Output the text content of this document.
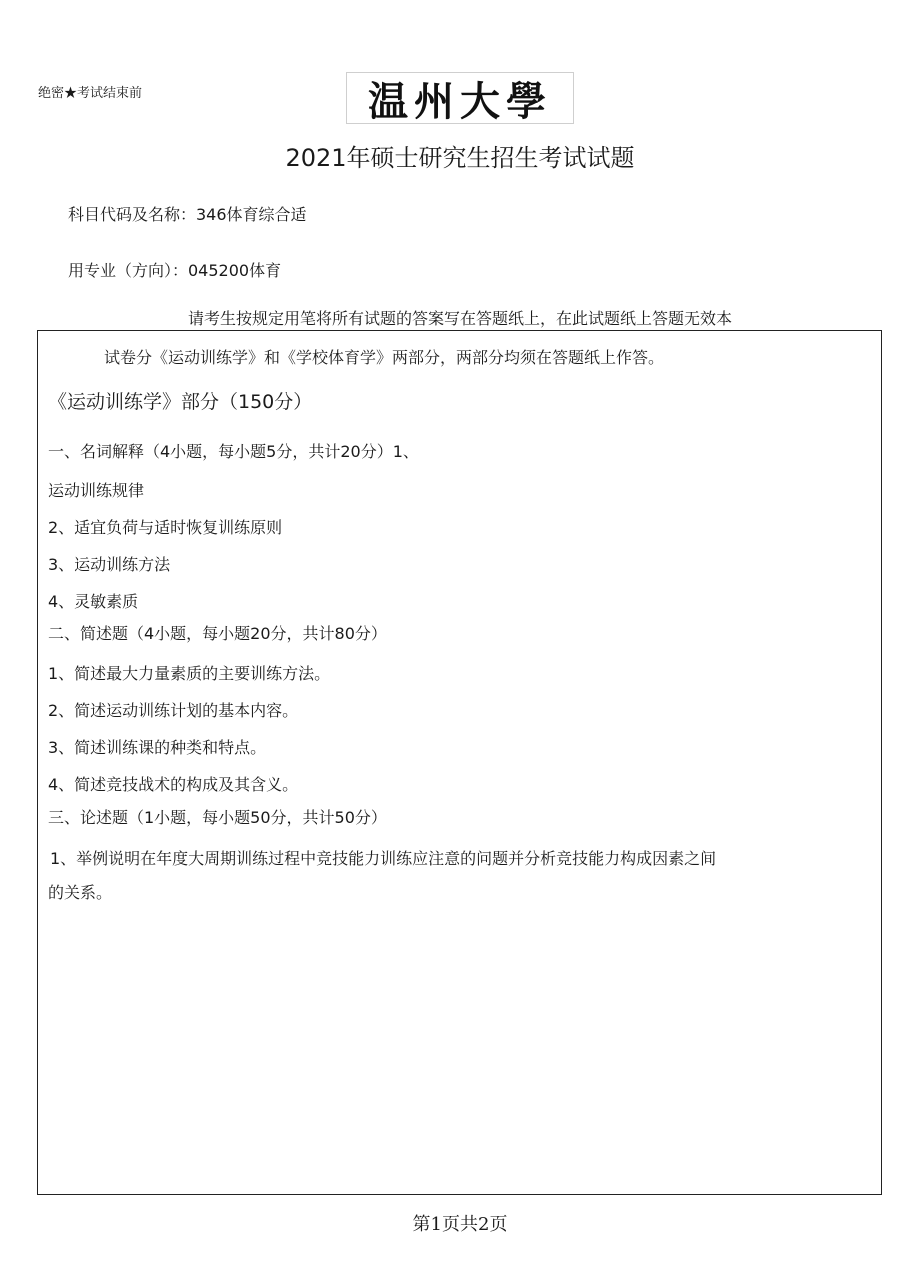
绝密★考试结束前	温州大學
2021年硕士研究生招生考试试题
科目代码及名称：346体育综合适
用专业（方向）：045200体育
请考生按规定用笔将所有试题的答案写在答题纸上，在此试题纸上答题无效本
试卷分《运动训练学》和《学校体育学》两部分，两部分均须在答题纸上作答。
《运动训练学》部分（150分）
一、名词解释（4小题，每小题5分，共计20分）1、
运动训练规律
2、适宜负荷与适时恢复训练原则
3、运动训练方法
4、灵敏素质
二、简述题（4小题，每小题20分，共计80分）
1、简述最大力量素质的主要训练方法。
2、简述运动训练计划的基本内容。
3、简述训练课的种类和特点。
4、简述竞技战术的构成及其含义。
三、论述题（1小题，每小题50分，共计50分）
1、举例说明在年度大周期训练过程中竞技能力训练应注意的问题并分析竞技能力构成因素之间
的关系。
第1页共2页
